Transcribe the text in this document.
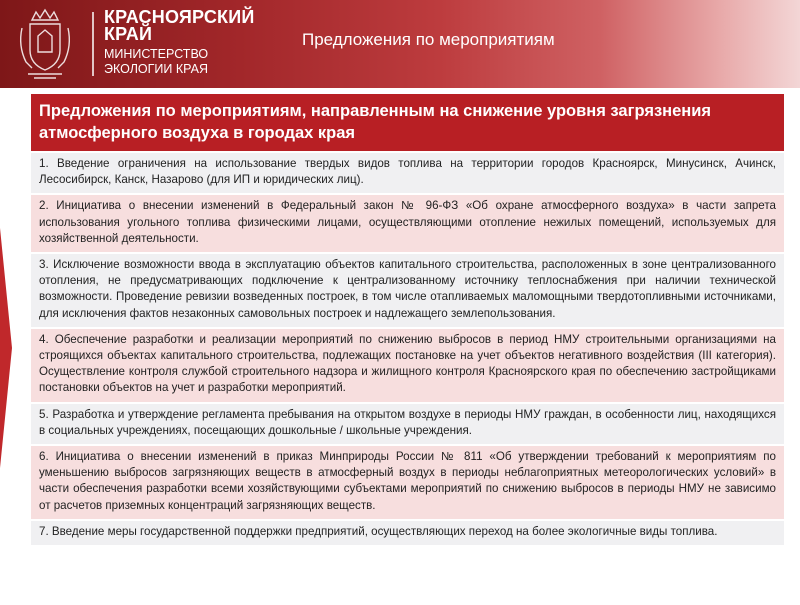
КРАСНОЯРСКИЙ
КРАЙ
МИНИСТЕРСТВО
ЭКОЛОГИИ КРАЯ
Предложения по мероприятиям
Предложения по мероприятиям, направленным на снижение уровня загрязнения атмосферного воздуха в городах края
1. Введение ограничения на использование твердых видов топлива на территории городов Красноярск, Минусинск, Ачинск, Лесосибирск, Канск, Назарово (для ИП и юридических лиц).
2. Инициатива о внесении изменений в Федеральный закон № 96-ФЗ «Об охране атмосферного воздуха» в части запрета использования угольного топлива физическими лицами, осуществляющими отопление нежилых помещений, используемых для хозяйственной деятельности.
3. Исключение возможности ввода в эксплуатацию объектов капитального строительства, расположенных в зоне централизованного отопления, не предусматривающих подключение к централизованному источнику теплоснабжения при наличии технической возможности. Проведение ревизии возведенных построек, в том числе отапливаемых маломощными твердотопливными источниками, для исключения фактов незаконных самовольных построек и надлежащего землепользования.
4. Обеспечение разработки и реализации мероприятий по снижению выбросов в период НМУ строительными организациями на строящихся объектах капитального строительства, подлежащих постановке на учет объектов негативного воздействия (III категория). Осуществление контроля службой строительного надзора и жилищного контроля Красноярского края по обеспечению застройщиками постановки объектов на учет и разработки мероприятий.
5. Разработка и утверждение регламента пребывания на открытом воздухе в периоды НМУ граждан, в особенности лиц, находящихся в социальных учреждениях, посещающих дошкольные / школьные учреждения.
6. Инициатива о внесении изменений в приказ Минприроды России № 811 «Об утверждении требований к мероприятиям по уменьшению выбросов загрязняющих веществ в атмосферный воздух в периоды неблагоприятных метеорологических условий» в части обеспечения разработки всеми хозяйствующими субъектами мероприятий по снижению выбросов в периоды НМУ не зависимо от расчетов приземных концентраций загрязняющих веществ.
7. Введение меры государственной поддержки предприятий, осуществляющих переход на более экологичные виды топлива.
